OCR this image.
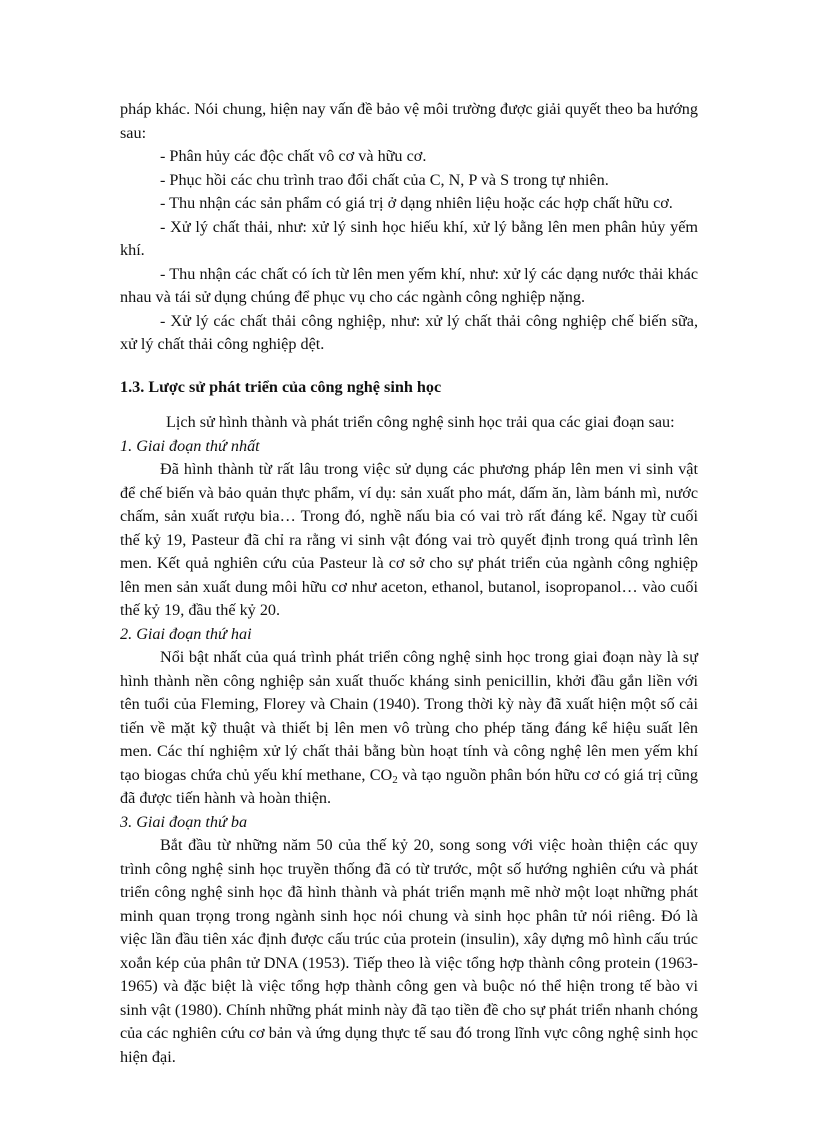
pháp khác. Nói chung, hiện nay vấn đề bảo vệ môi trường được giải quyết theo ba hướng sau:

- Phân hủy các độc chất vô cơ và hữu cơ.

- Phục hồi các chu trình trao đổi chất của C, N, P và S trong tự nhiên.

- Thu nhận các sản phẩm có giá trị ở dạng nhiên liệu hoặc các hợp chất hữu cơ.

- Xử lý chất thải, như: xử lý sinh học hiếu khí, xử lý bằng lên men phân hủy yếm khí.

- Thu nhận các chất có ích từ lên men yếm khí, như: xử lý các dạng nước thải khác nhau và tái sử dụng chúng để phục vụ cho các ngành công nghiệp nặng.

- Xử lý các chất thải công nghiệp, như: xử lý chất thải công nghiệp chế biến sữa, xử lý chất thải công nghiệp dệt.

1.3. Lược sử phát triển của công nghệ sinh học

Lịch sử hình thành và phát triển công nghệ sinh học trải qua các giai đoạn sau:

1. Giai đoạn thứ nhất

Đã hình thành từ rất lâu trong việc sử dụng các phương pháp lên men vi sinh vật để chế biến và bảo quản thực phẩm, ví dụ: sản xuất pho mát, dấm ăn, làm bánh mì, nước chấm, sản xuất rượu bia… Trong đó, nghề nấu bia có vai trò rất đáng kể. Ngay từ cuối thế kỷ 19, Pasteur đã chỉ ra rằng vi sinh vật đóng vai trò quyết định trong quá trình lên men. Kết quả nghiên cứu của Pasteur là cơ sở cho sự phát triển của ngành công nghiệp lên men sản xuất dung môi hữu cơ như aceton, ethanol, butanol, isopropanol… vào cuối thế kỷ 19, đầu thế kỷ 20.

2. Giai đoạn thứ hai

Nổi bật nhất của quá trình phát triển công nghệ sinh học trong giai đoạn này là sự hình thành nền công nghiệp sản xuất thuốc kháng sinh penicillin, khởi đầu gắn liền với tên tuổi của Fleming, Florey và Chain (1940). Trong thời kỳ này đã xuất hiện một số cải tiến về mặt kỹ thuật và thiết bị lên men vô trùng cho phép tăng đáng kể hiệu suất lên men. Các thí nghiệm xử lý chất thải bằng bùn hoạt tính và công nghệ lên men yếm khí tạo biogas chứa chủ yếu khí methane, $CO_2$ và tạo nguồn phân bón hữu cơ có giá trị cũng đã được tiến hành và hoàn thiện.

3. Giai đoạn thứ ba

Bắt đầu từ những năm 50 của thế kỷ 20, song song với việc hoàn thiện các quy trình công nghệ sinh học truyền thống đã có từ trước, một số hướng nghiên cứu và phát triển công nghệ sinh học đã hình thành và phát triển mạnh mẽ nhờ một loạt những phát minh quan trọng trong ngành sinh học nói chung và sinh học phân tử nói riêng. Đó là việc lần đầu tiên xác định được cấu trúc của protein (insulin), xây dựng mô hình cấu trúc xoắn kép của phân tử DNA (1953). Tiếp theo là việc tổng hợp thành công protein (1963-1965) và đặc biệt là việc tổng hợp thành công gen và buộc nó thể hiện trong tế bào vi sinh vật (1980). Chính những phát minh này đã tạo tiền đề cho sự phát triển nhanh chóng của các nghiên cứu cơ bản và ứng dụng thực tế sau đó trong lĩnh vực công nghệ sinh học hiện đại.
